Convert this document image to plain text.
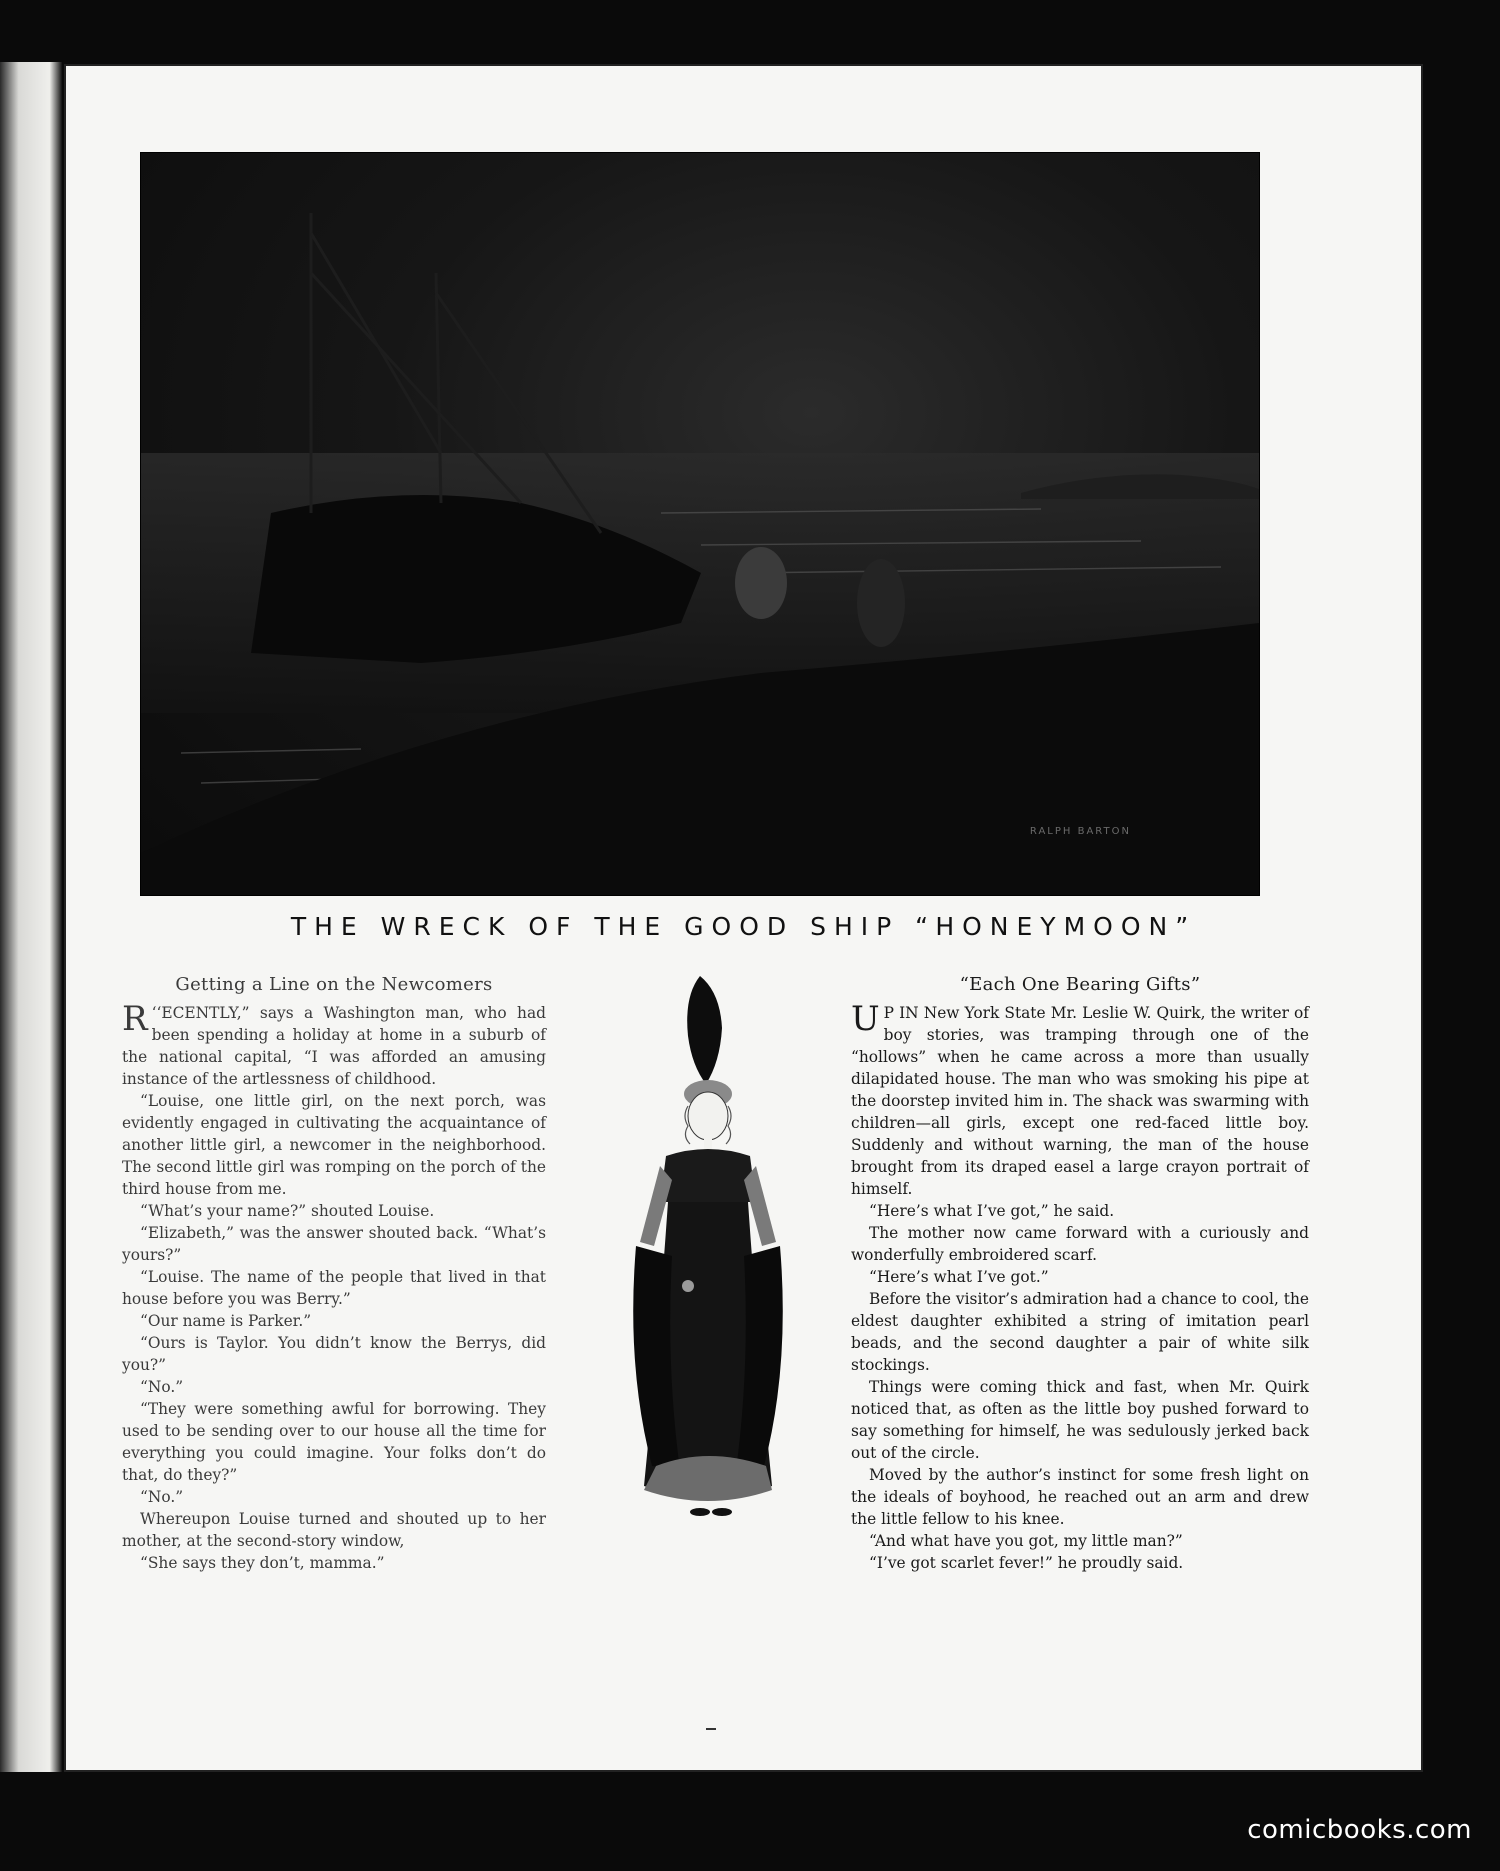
RALPH BARTON
THE WRECK OF THE GOOD SHIP “HONEYMOON”
Getting a Line on the Newcomers

‘‘
R ECENTLY,” says a Washington man, who had been spending a holiday at home in a suburb of the national capital, “I was afforded an amusing instance of the artlessness of childhood.

“Louise, one little girl, on the next porch, was evidently engaged in cultivating the acquaintance of another little girl, a newcomer in the neighborhood. The second little girl was romping on the porch of the third house from me.

“What’s your name?” shouted Louise.

“Elizabeth,” was the answer shouted back. “What’s yours?”

“Louise. The name of the people that lived in that house before you was Berry.”

“Our name is Parker.”

“Ours is Taylor. You didn’t know the Berrys, did you?”

“No.”

“They were something awful for borrowing. They used to be sending over to our house all the time for everything you could imagine. Your folks don’t do that, do they?”

“No.”

Whereupon Louise turned and shouted up to her mother, at the second-story window,

“She says they don’t, mamma.”

“Each One Bearing Gifts”

U P IN New York State Mr. Leslie W. Quirk, the writer of boy stories, was tramping through one of the “hollows” when he came across a more than usually dilapidated house. The man who was smoking his pipe at the doorstep invited him in. The shack was swarming with children—all girls, except one red-faced little boy. Suddenly and without warning, the man of the house brought from its draped easel a large crayon portrait of himself.

“Here’s what I’ve got,” he said.

The mother now came forward with a curiously and wonderfully embroidered scarf.

“Here’s what I’ve got.”

Before the visitor’s admiration had a chance to cool, the eldest daughter exhibited a string of imitation pearl beads, and the second daughter a pair of white silk stockings.

Things were coming thick and fast, when Mr. Quirk noticed that, as often as the little boy pushed forward to say something for himself, he was sedulously jerked back out of the circle.

Moved by the author’s instinct for some fresh light on the ideals of boyhood, he reached out an arm and drew the little fellow to his knee.

“And what have you got, my little man?”

“I’ve got scarlet fever!” he proudly said.

comicbooks.com
